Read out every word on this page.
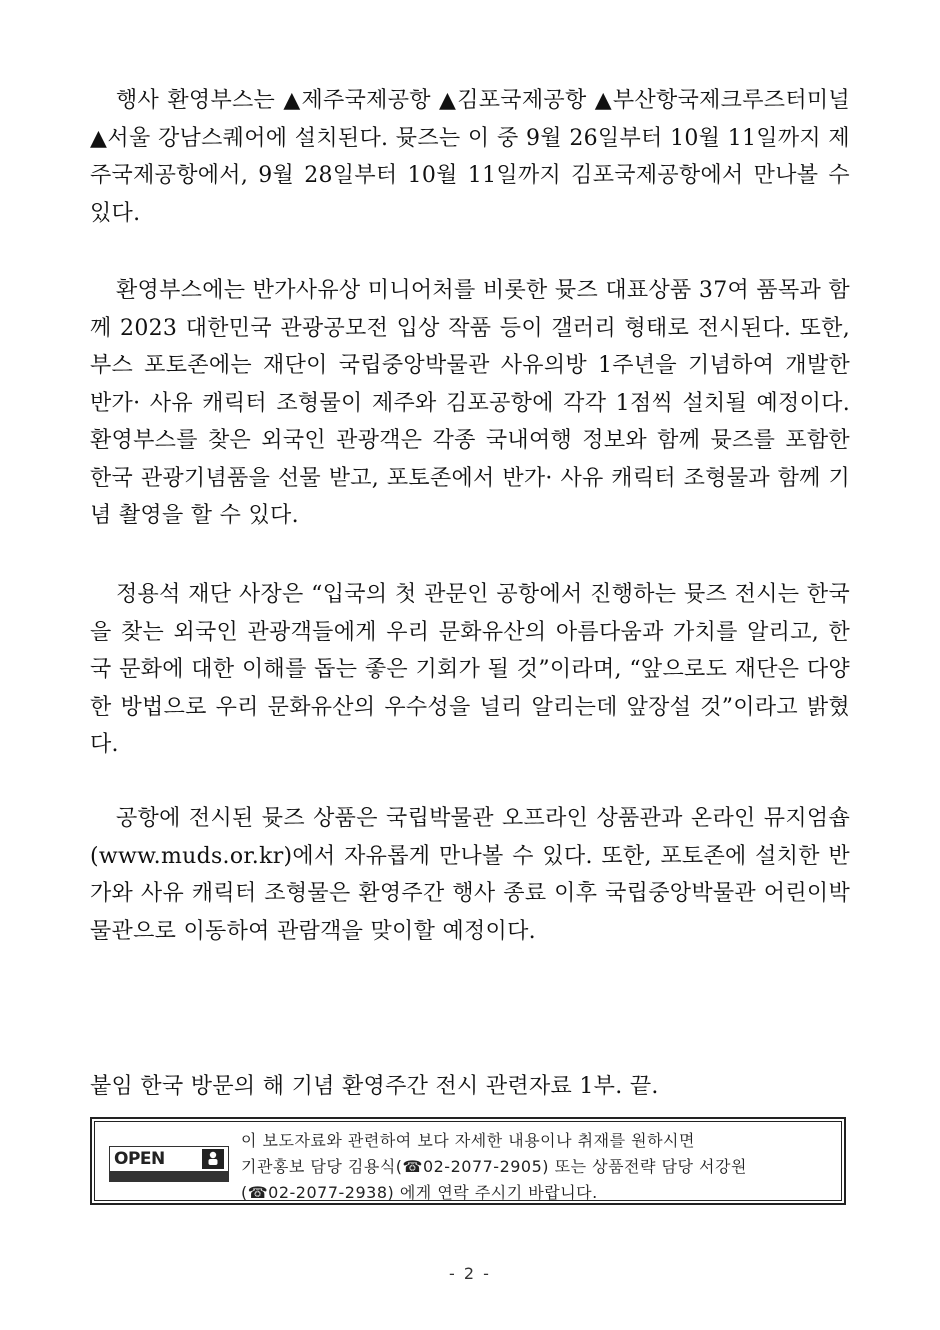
행사 환영부스는 ▲제주국제공항 ▲김포국제공항 ▲부산항국제크루즈터미널 ▲서울 강남스퀘어에 설치된다. 뮷즈는 이 중 9월 26일부터 10월 11일까지 제주국제공항에서, 9월 28일부터 10월 11일까지 김포국제공항에서 만나볼 수 있다.

환영부스에는 반가사유상 미니어처를 비롯한 뮷즈 대표상품 37여 품목과 함께 2023 대한민국 관광공모전 입상 작품 등이 갤러리 형태로 전시된다. 또한, 부스 포토존에는 재단이 국립중앙박물관 사유의방 1주년을 기념하여 개발한 반가· 사유 캐릭터 조형물이 제주와 김포공항에 각각 1점씩 설치될 예정이다. 환영부스를 찾은 외국인 관광객은 각종 국내여행 정보와 함께 뮷즈를 포함한 한국 관광기념품을 선물 받고, 포토존에서 반가· 사유 캐릭터 조형물과 함께 기념 촬영을 할 수 있다.

정용석 재단 사장은 “입국의 첫 관문인 공항에서 진행하는 뮷즈 전시는 한국을 찾는 외국인 관광객들에게 우리 문화유산의 아름다움과 가치를 알리고, 한국 문화에 대한 이해를 돕는 좋은 기회가 될 것”이라며, “앞으로도 재단은 다양한 방법으로 우리 문화유산의 우수성을 널리 알리는데 앞장설 것”이라고 밝혔다.

공항에 전시된 뮷즈 상품은 국립박물관 오프라인 상품관과 온라인 뮤지엄숍(www.muds.or.kr)에서 자유롭게 만나볼 수 있다. 또한, 포토존에 설치한 반가와 사유 캐릭터 조형물은 환영주간 행사 종료 이후 국립중앙박물관 어린이박물관으로 이동하여 관람객을 맞이할 예정이다.

붙임 한국 방문의 해 기념 환영주간 전시 관련자료 1부. 끝.

OPEN
이 보도자료와 관련하여 보다 자세한 내용이나 취재를 원하시면
기관홍보 담당 김용식(☎02-2077-2905) 또는 상품전략 담당 서강원
(☎02-2077-2938) 에게 연락 주시기 바랍니다.
- 2 -
